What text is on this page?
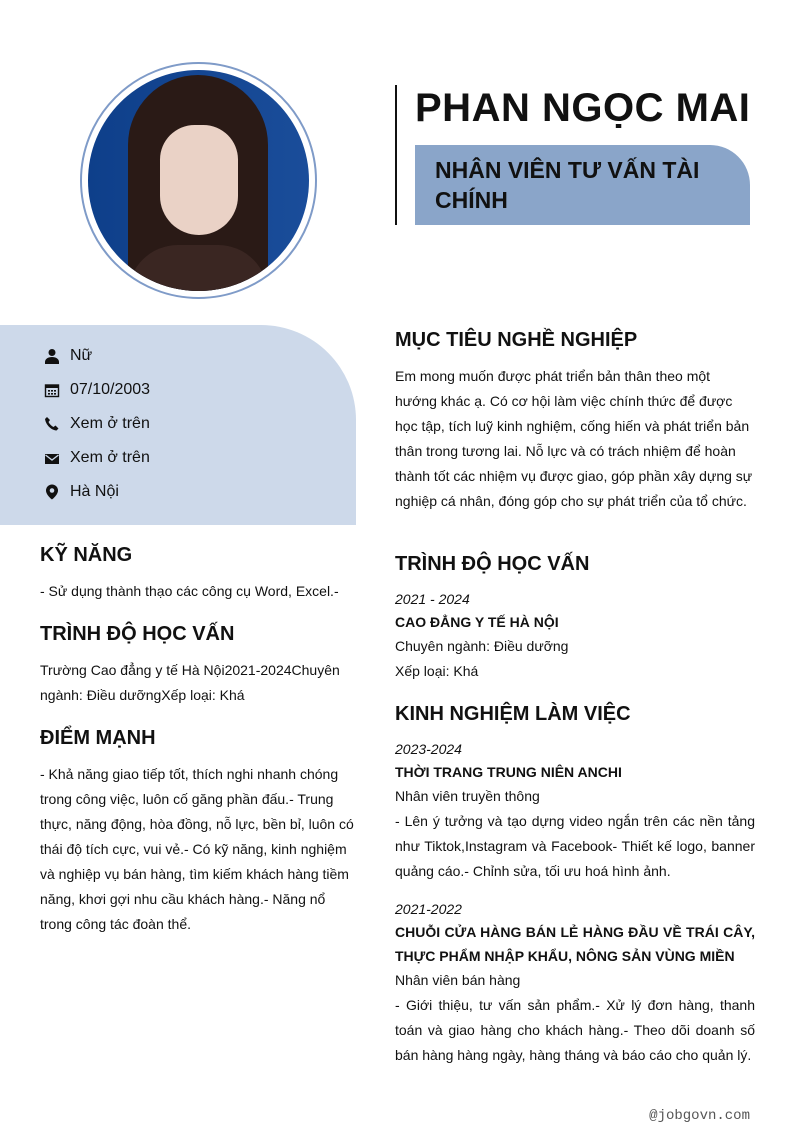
PHAN NGỌC MAI
NHÂN VIÊN TƯ VẤN TÀI CHÍNH
Nữ
07/10/2003
Xem ở trên
Xem ở trên
Hà Nội
KỸ NĂNG
- Sử dụng thành thạo các công cụ Word, Excel.-
TRÌNH ĐỘ HỌC VẤN
Trường Cao đẳng y tế Hà Nội2021-2024Chuyên ngành: Điều dưỡngXếp loại: Khá
ĐIỂM MẠNH
- Khả năng giao tiếp tốt, thích nghi nhanh chóng trong công việc, luôn cố găng phần đấu.- Trung thực, năng động, hòa đồng, nỗ lực, bền bỉ, luôn có thái độ tích cực, vui vẻ.- Có kỹ năng, kinh nghiệm và nghiệp vụ bán hàng, tìm kiếm khách hàng tiềm năng, khơi gợi nhu cầu khách hàng.- Năng nổ trong công tác đoàn thể.
MỤC TIÊU NGHỀ NGHIỆP
Em mong muốn được phát triển bản thân theo một hướng khác ạ. Có cơ hội làm việc chính thức để được học tập, tích luỹ kinh nghiệm, cống hiến và phát triển bản thân trong tương lai. Nỗ lực và có trách nhiệm để hoàn thành tốt các nhiệm vụ được giao, góp phần xây dựng sự nghiệp cá nhân, đóng góp cho sự phát triển của tổ chức.
TRÌNH ĐỘ HỌC VẤN
2021 - 2024
CAO ĐẲNG Y TẾ HÀ NỘI
Chuyên ngành: Điều dưỡng
Xếp loại: Khá
KINH NGHIỆM LÀM VIỆC
2023-2024
THỜI TRANG TRUNG NIÊN ANCHI
Nhân viên truyền thông
- Lên ý tưởng và tạo dựng video ngắn trên các nền tảng như Tiktok,Instagram và Facebook- Thiết kế logo, banner quảng cáo.- Chỉnh sửa, tối ưu hoá hình ảnh.
2021-2022
CHUỖI CỬA HÀNG BÁN LẺ HÀNG ĐẦU VỀ TRÁI CÂY, THỰC PHẨM NHẬP KHẨU, NÔNG SẢN VÙNG MIỀN
Nhân viên bán hàng
- Giới thiệu, tư vấn sản phẩm.- Xử lý đơn hàng, thanh toán và giao hàng cho khách hàng.- Theo dõi doanh số bán hàng hàng ngày, hàng tháng và báo cáo cho quản lý.
@jobgovn.com
